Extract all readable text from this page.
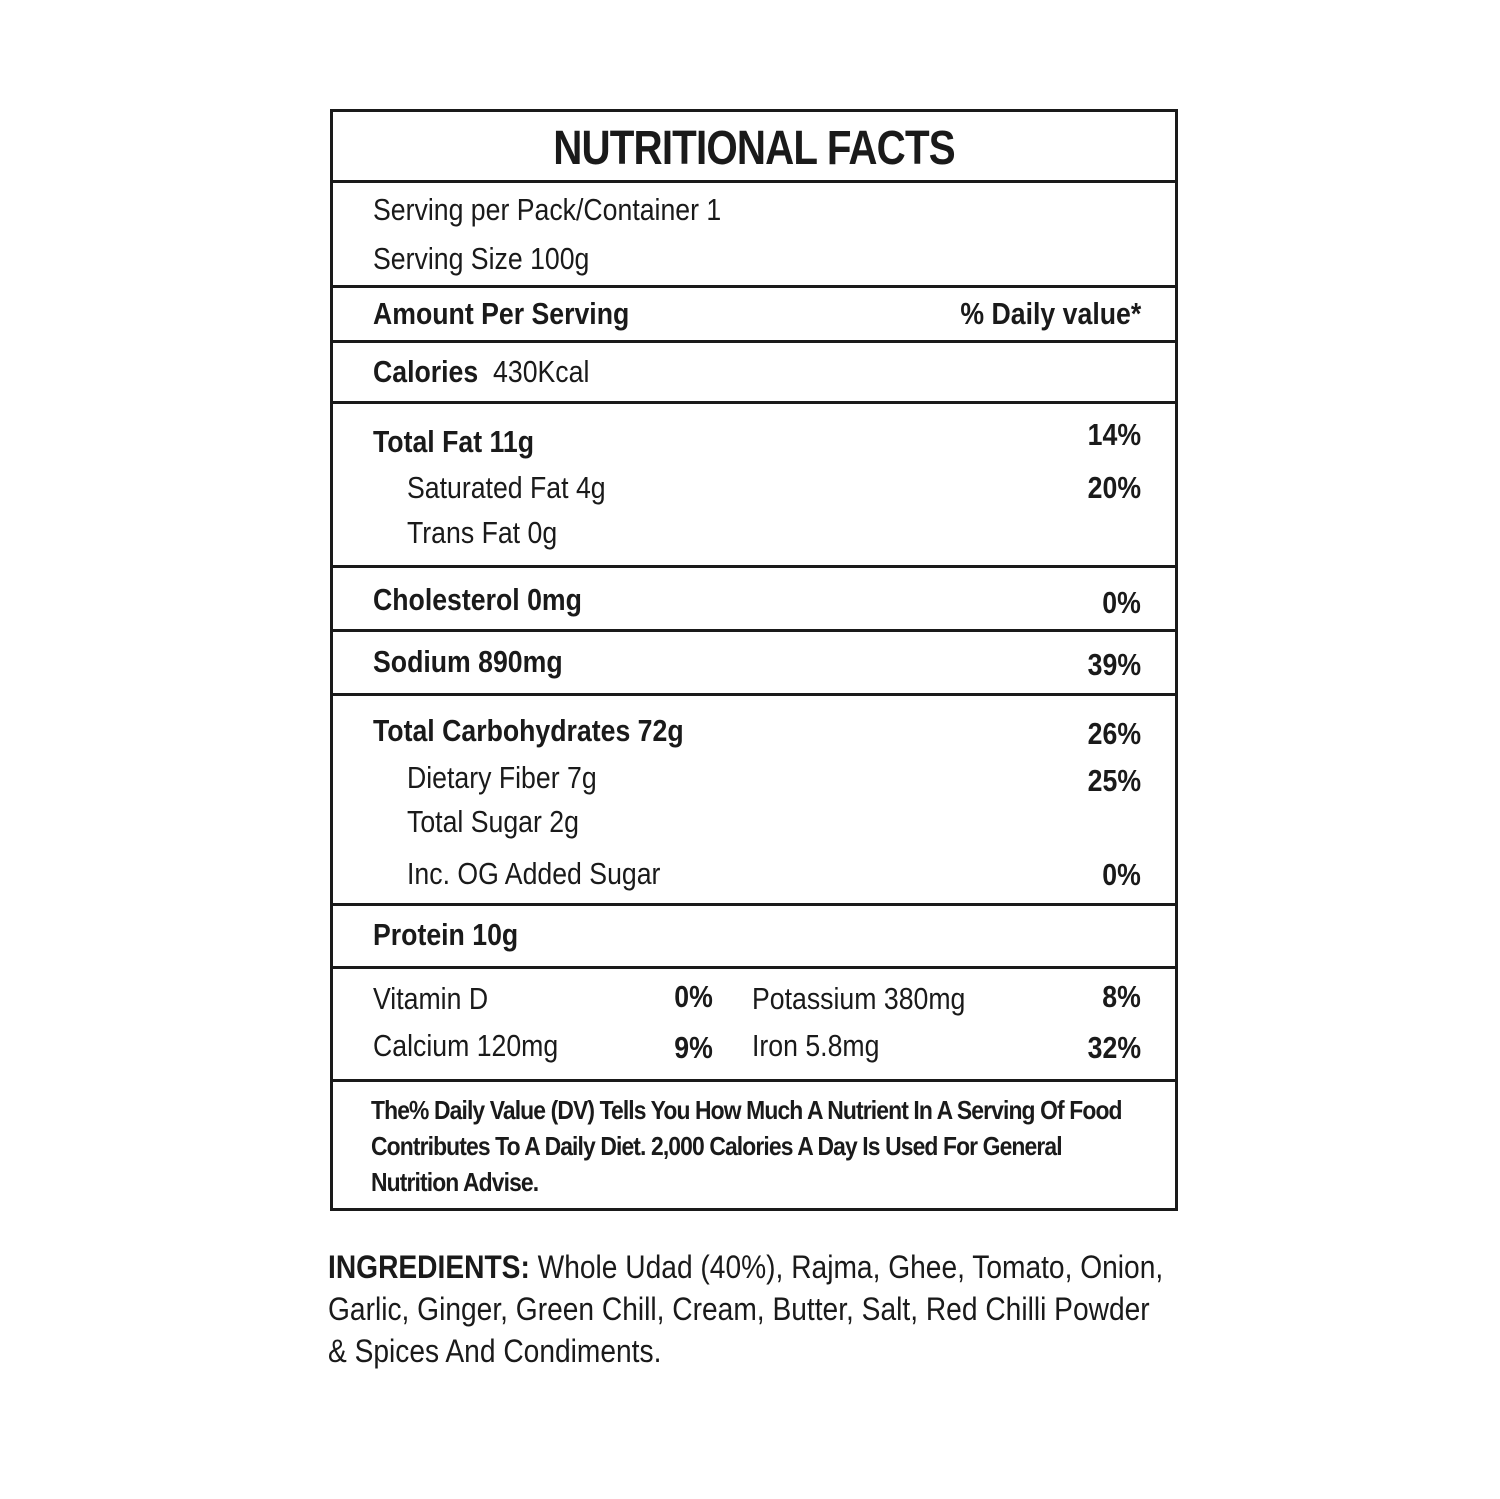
NUTRITIONAL FACTS
Serving per Pack/Container 1
Serving Size 100g
Amount Per Serving	% Daily value*
Calories 430Kcal
Total Fat 11g	14%
Saturated Fat 4g	20%
Trans Fat 0g
Cholesterol 0mg	0%
Sodium 890mg	39%
Total Carbohydrates 72g	26%
Dietary Fiber 7g	25%
Total Sugar 2g
Inc. OG Added Sugar	0%
Protein 10g
Vitamin D	0% Potassium 380mg	8%
Calcium 120mg	9% Iron 5.8mg	32%
The% Daily Value (DV) Tells You How Much A Nutrient In A Serving Of Food Contributes To A Daily Diet. 2,000 Calories A Day Is Used For General Nutrition Advise.
INGREDIENTS: Whole Udad (40%), Rajma, Ghee, Tomato, Onion, Garlic, Ginger, Green Chill, Cream, Butter, Salt, Red Chilli Powder & Spices And Condiments.
